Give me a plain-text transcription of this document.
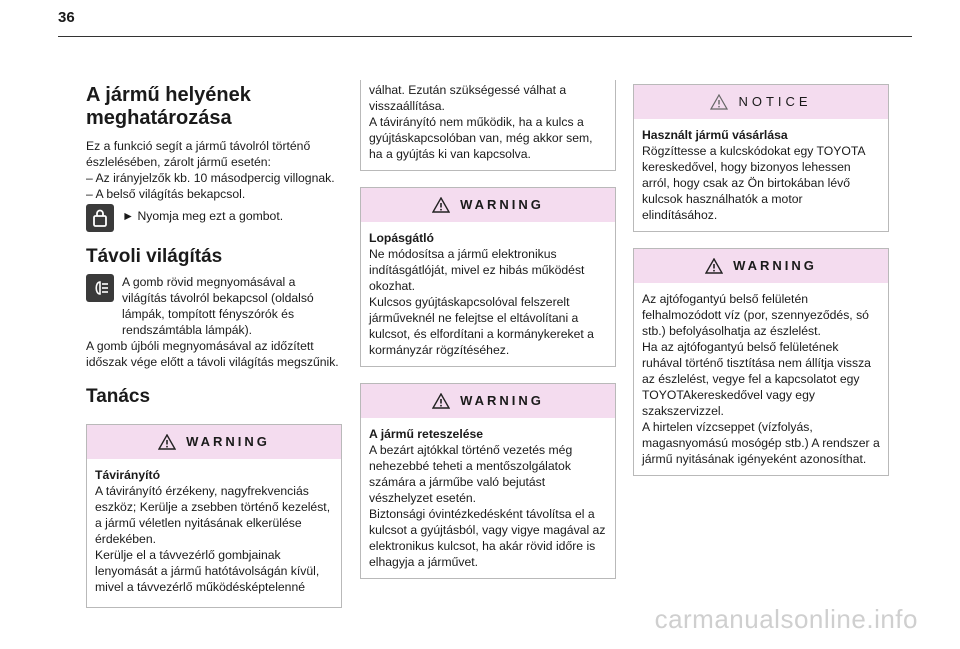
36
A jármű helyének meghatározása

Ez a funkció segít a jármű távolról történő észlelésében, zárolt jármű esetén:

– Az irányjelzők kb. 10 másodpercig villognak.

– A belső világítás bekapcsol.

► Nyomja meg ezt a gombot.

Távoli világítás

A gomb rövid megnyomásával a világítás távolról bekapcsol (oldalsó lámpák, tompított fényszórók és rendszámtábla lámpák).

A gomb újbóli megnyomásával az időzített időszak vége előtt a távoli világítás megszűnik.

Tanács
WARNING

Távirányító

A távirányító érzékeny, nagyfrekvenciás eszköz; Kerülje a zsebben történő kezelést, a jármű véletlen nyitásának elkerülése érdekében.

Kerülje el a távvezérlő gombjainak lenyomását a jármű hatótávolságán kívül, mivel a távvezérlő működésképtelenné

válhat. Ezután szükségessé válhat a visszaállítása.

A távirányító nem működik, ha a kulcs a gyújtáskapcsolóban van, még akkor sem, ha a gyújtás ki van kapcsolva.

WARNING

Lopásgátló

Ne módosítsa a jármű elektronikus indításgátlóját, mivel ez hibás működést okozhat.

Kulcsos gyújtáskapcsolóval felszerelt járműveknél ne felejtse el eltávolítani a kulcsot, és elfordítani a kormánykereket a kormányzár rögzítéséhez.

WARNING

A jármű reteszelése

A bezárt ajtókkal történő vezetés még nehezebbé teheti a mentőszolgálatok számára a járműbe való bejutást vészhelyzet esetén.

Biztonsági óvintézkedésként távolítsa el a kulcsot a gyújtásból, vagy vigye magával az elektronikus kulcsot, ha akár rövid időre is elhagyja a járművet.

NOTICE

Használt jármű vásárlása

Rögzíttesse a kulcskódokat egy TOYOTA kereskedővel, hogy bizonyos lehessen arról, hogy csak az Ön birtokában lévő kulcsok használhatók a motor elindításához.

WARNING

Az ajtófogantyú belső felületén felhalmozódott víz (por, szennyeződés, só stb.) befolyásolhatja az észlelést.

Ha az ajtófogantyú belső felületének ruhával történő tisztítása nem állítja vissza az észlelést, vegye fel a kapcsolatot egy TOYOTAkereskedővel vagy egy szakszervizzel.

A hirtelen vízcseppet (vízfolyás, magasnyomású mosógép stb.) A rendszer a jármű nyitásának igényeként azonosíthat.

carmanualsonline.info
